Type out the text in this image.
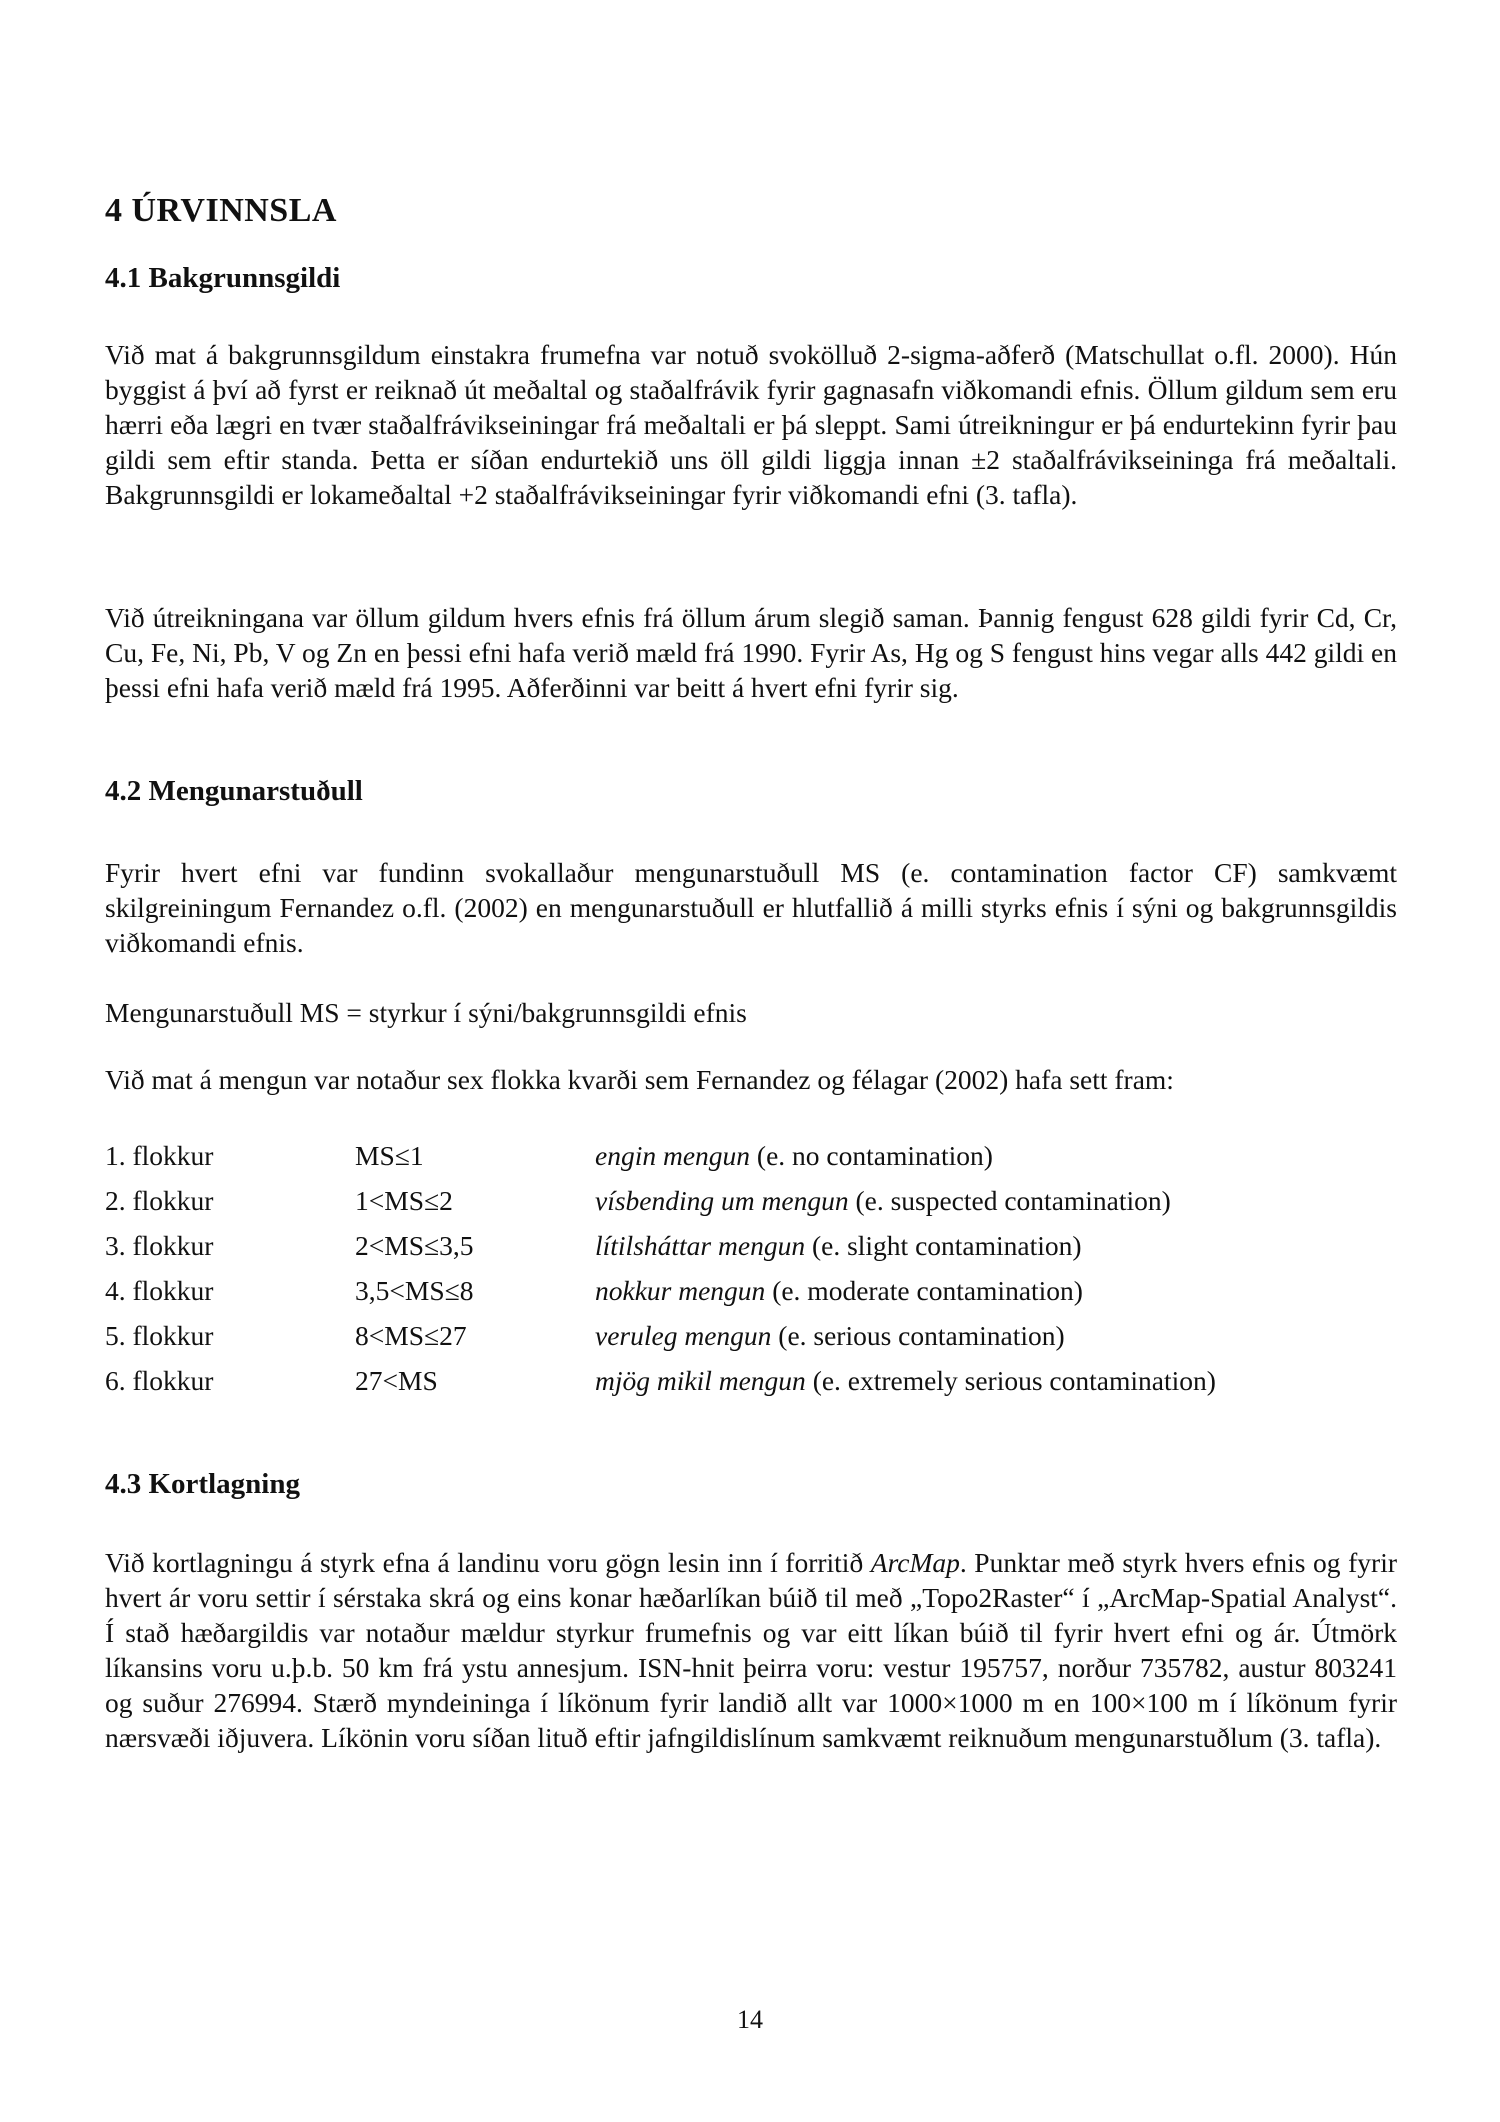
4 ÚRVINNSLA
4.1 Bakgrunnsgildi
Við mat á bakgrunnsgildum einstakra frumefna var notuð svokölluð 2-sigma-aðferð (Matschullat o.fl. 2000). Hún byggist á því að fyrst er reiknað út meðaltal og staðalfrávik fyrir gagnasafn viðkomandi efnis. Öllum gildum sem eru hærri eða lægri en tvær staðalfrávikseiningar frá meðaltali er þá sleppt. Sami útreikningur er þá endurtekinn fyrir þau gildi sem eftir standa. Þetta er síðan endurtekið uns öll gildi liggja innan ±2 staðalfrávikseininga frá meðaltali. Bakgrunnsgildi er lokameðaltal +2 staðalfrávikseiningar fyrir viðkomandi efni (3. tafla).
Við útreikningana var öllum gildum hvers efnis frá öllum árum slegið saman. Þannig fengust 628 gildi fyrir Cd, Cr, Cu, Fe, Ni, Pb, V og Zn en þessi efni hafa verið mæld frá 1990. Fyrir As, Hg og S fengust hins vegar alls 442 gildi en þessi efni hafa verið mæld frá 1995. Aðferðinni var beitt á hvert efni fyrir sig.
4.2 Mengunarstuðull
Fyrir hvert efni var fundinn svokallaður mengunarstuðull MS (e. contamination factor CF) samkvæmt skilgreiningum Fernandez o.fl. (2002) en mengunarstuðull er hlutfallið á milli styrks efnis í sýni og bakgrunnsgildis viðkomandi efnis.
Mengunarstuðull MS = styrkur í sýni/bakgrunnsgildi efnis
Við mat á mengun var notaður sex flokka kvarði sem Fernandez og félagar (2002) hafa sett fram:
1. flokkur	MS≤1	engin mengun (e. no contamination)
2. flokkur	1<MS≤2	vísbending um mengun (e. suspected contamination)
3. flokkur	2<MS≤3,5	lítilsháttar mengun (e. slight contamination)
4. flokkur	3,5<MS≤8	nokkur mengun (e. moderate contamination)
5. flokkur	8<MS≤27	veruleg mengun (e. serious contamination)
6. flokkur	27<MS	mjög mikil mengun (e. extremely serious contamination)
4.3 Kortlagning
Við kortlagningu á styrk efna á landinu voru gögn lesin inn í forritið ArcMap. Punktar með styrk hvers efnis og fyrir hvert ár voru settir í sérstaka skrá og eins konar hæðarlíkan búið til með „Topo2Raster“ í „ArcMap-Spatial Analyst“. Í stað hæðargildis var notaður mældur styrkur frumefnis og var eitt líkan búið til fyrir hvert efni og ár. Útmörk líkansins voru u.þ.b. 50 km frá ystu annesjum. ISN-hnit þeirra voru: vestur 195757, norður 735782, austur 803241 og suður 276994. Stærð myndeininga í líkönum fyrir landið allt var 1000×1000 m en 100×100 m í líkönum fyrir nærsvæði iðjuvera. Líkönin voru síðan lituð eftir jafngildislínum samkvæmt reiknuðum mengunarstuðlum (3. tafla).
14
